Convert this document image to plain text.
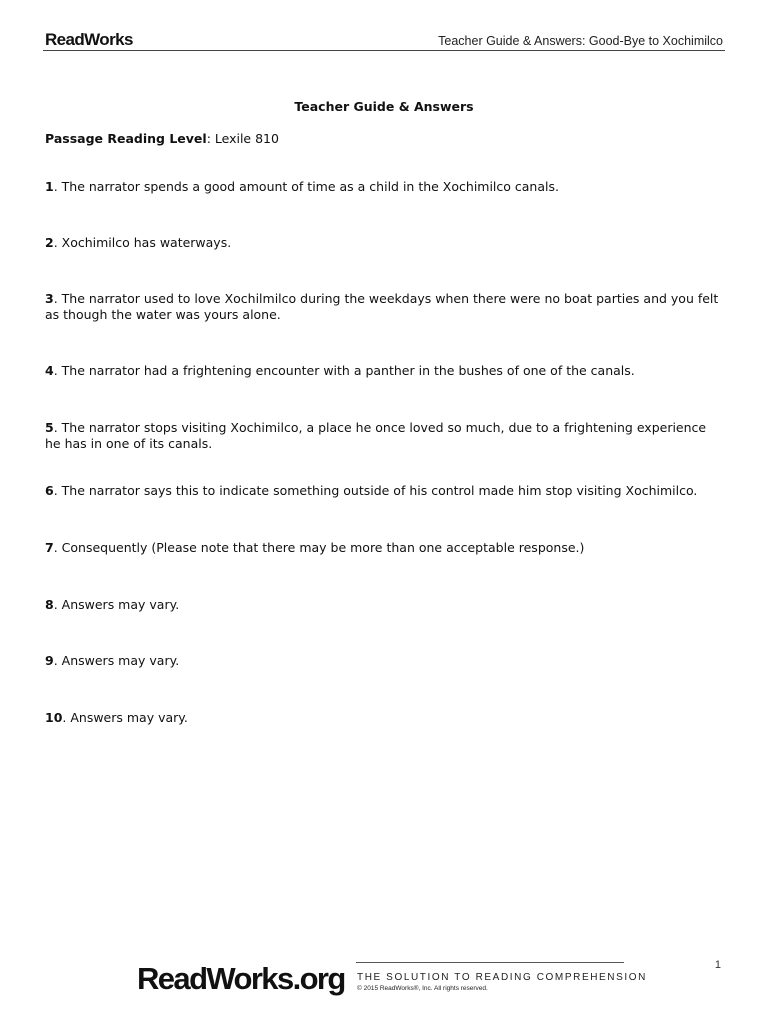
ReadWorks	Teacher Guide & Answers: Good-Bye to Xochimilco
Teacher Guide & Answers
Passage Reading Level: Lexile 810
1. The narrator spends a good amount of time as a child in the Xochimilco canals.
2. Xochimilco has waterways.
3. The narrator used to love Xochilmilco during the weekdays when there were no boat parties and you felt as though the water was yours alone.
4. The narrator had a frightening encounter with a panther in the bushes of one of the canals.
5. The narrator stops visiting Xochimilco, a place he once loved so much, due to a frightening experience he has in one of its canals.
6. The narrator says this to indicate something outside of his control made him stop visiting Xochimilco.
7. Consequently (Please note that there may be more than one acceptable response.)
8. Answers may vary.
9. Answers may vary.
10. Answers may vary.
ReadWorks.org THE SOLUTION TO READING COMPREHENSION
© 2015 ReadWorks®, Inc. All rights reserved.
1
